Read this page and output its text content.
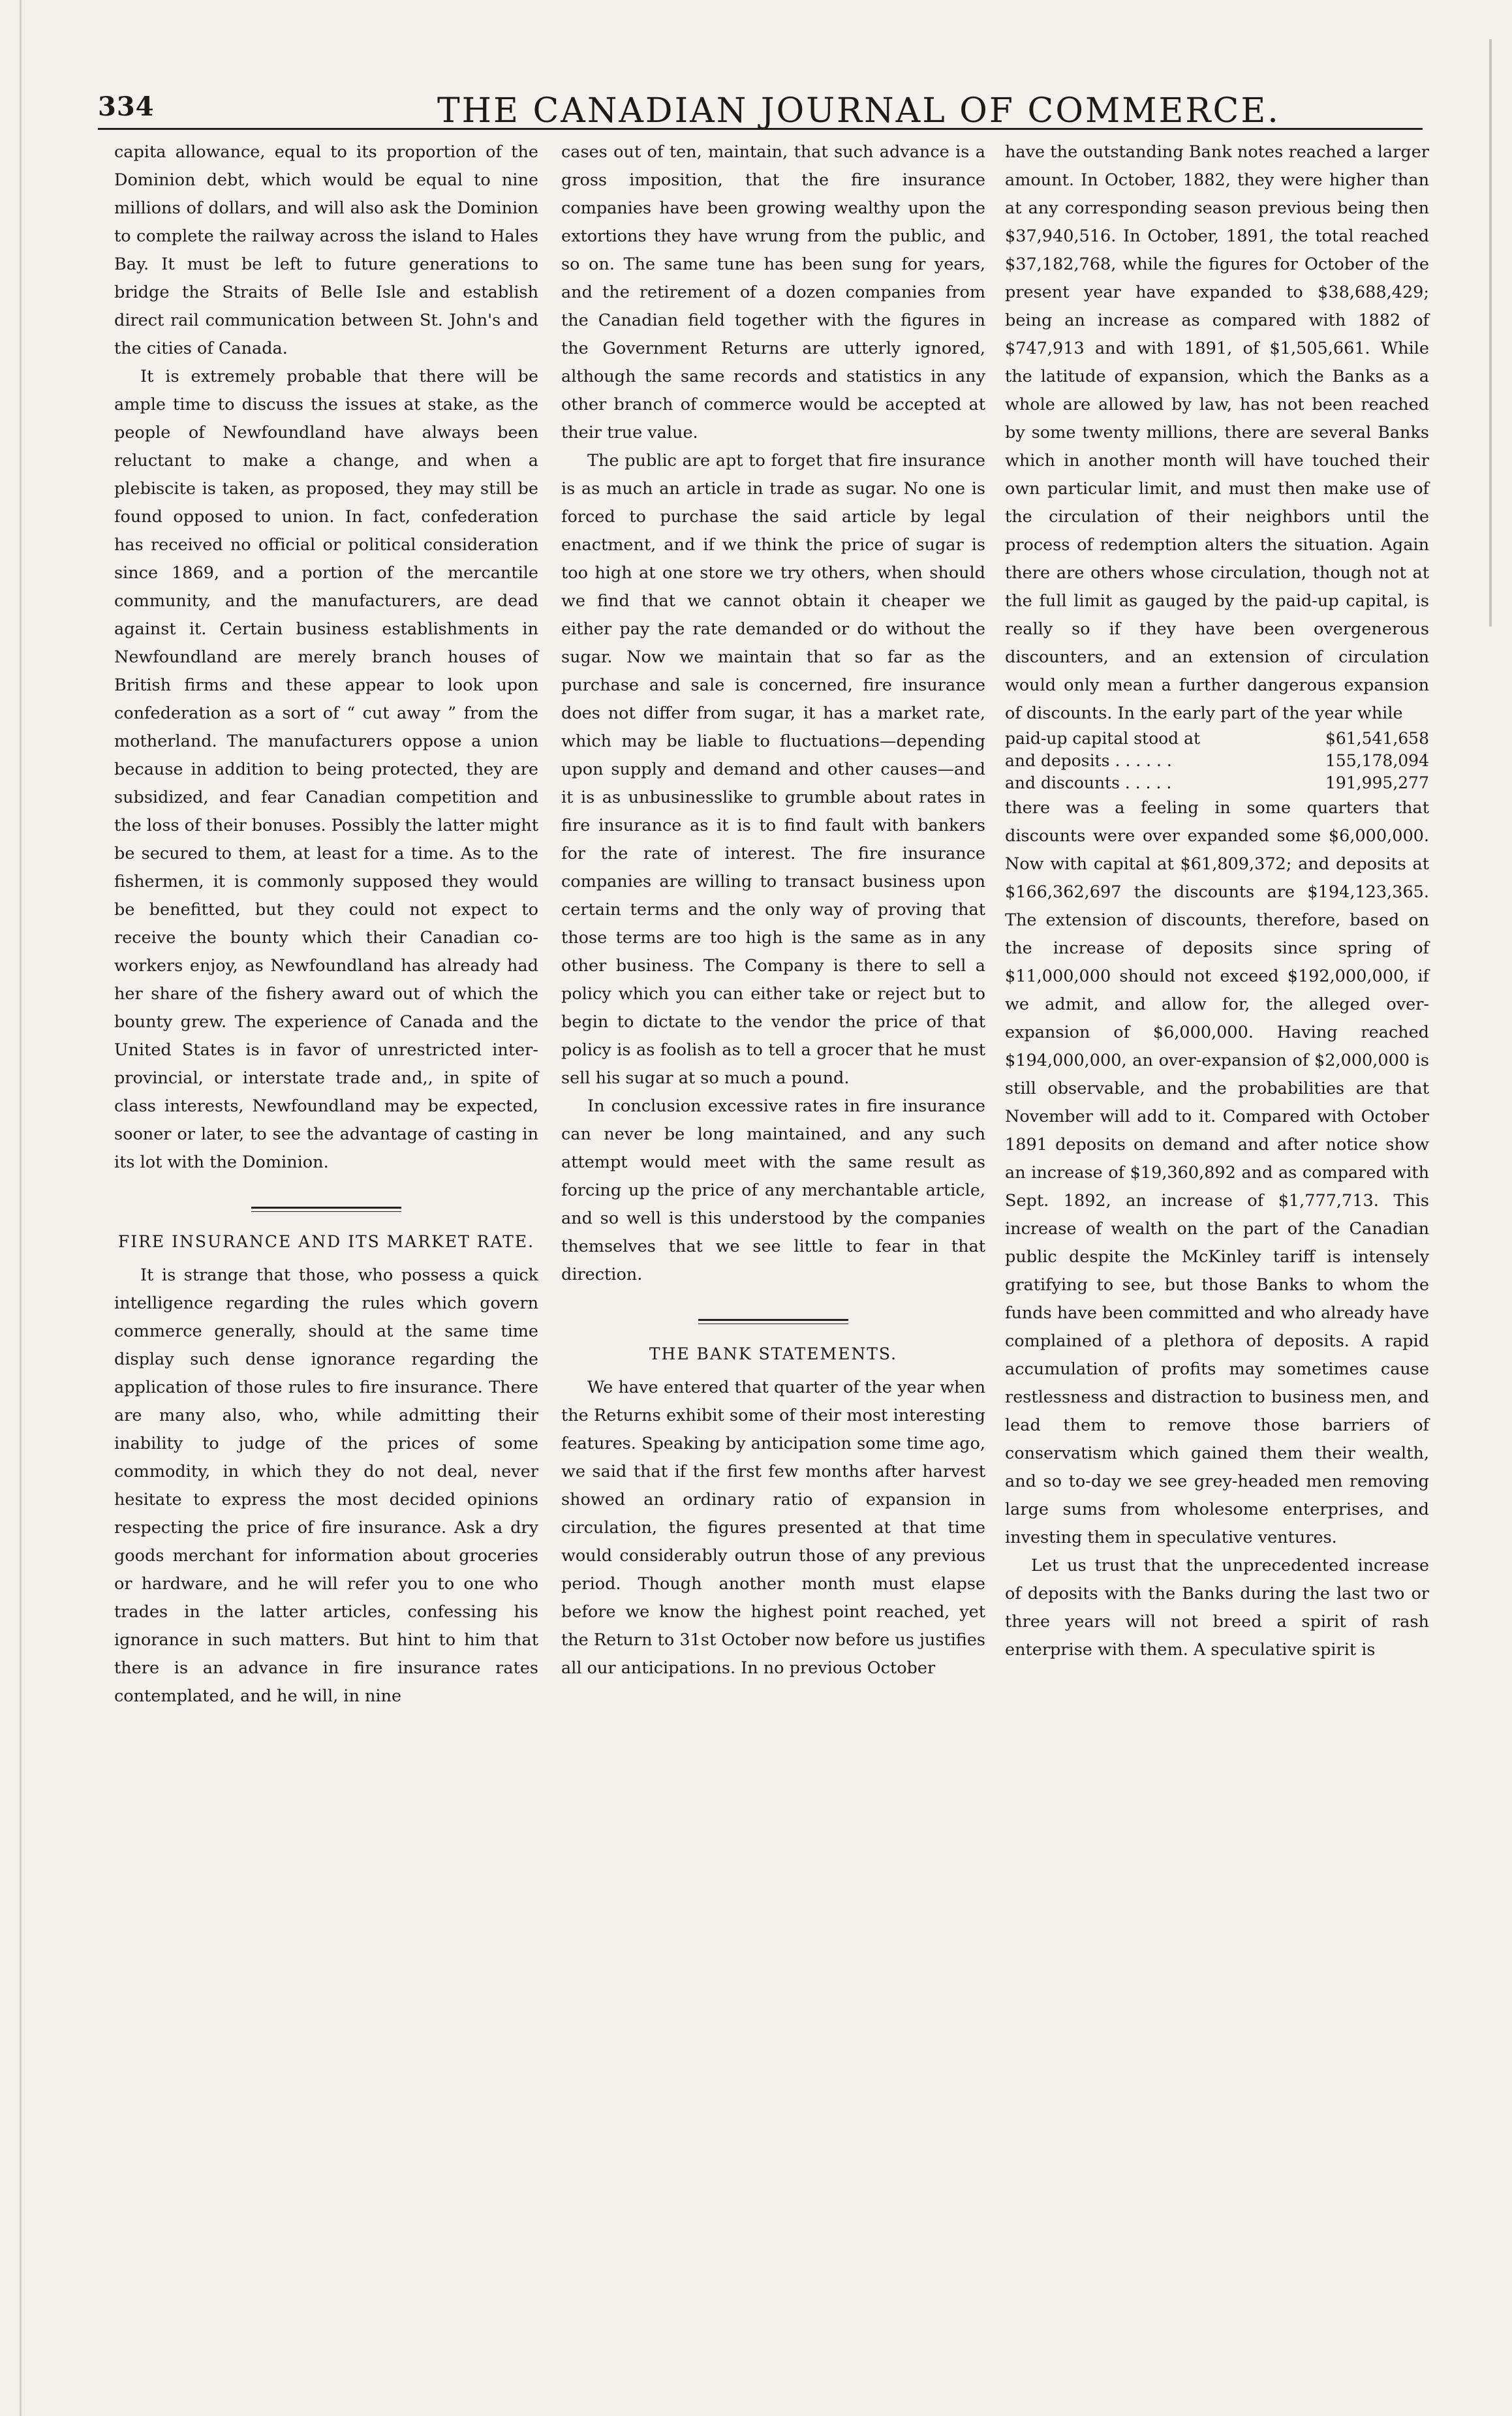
334	THE CANADIAN JOURNAL OF COMMERCE.

capita allowance, equal to its proportion of the Dominion debt, which would be equal to nine millions of dollars, and will also ask the Dominion to complete the railway across the island to Hales Bay. It must be left to future generations to bridge the Straits of Belle Isle and establish direct rail communication between St. John's and the cities of Canada.

It is extremely probable that there will be ample time to discuss the issues at stake, as the people of Newfoundland have always been reluctant to make a change, and when a plebiscite is taken, as proposed, they may still be found opposed to union. In fact, confederation has received no official or political consideration since 1869, and a portion of the mercantile community, and the manufacturers, are dead against it. Certain business establishments in Newfoundland are merely branch houses of British firms and these appear to look upon confederation as a sort of “ cut away ” from the motherland. The manufacturers oppose a union because in addition to being protected, they are subsidized, and fear Canadian competition and the loss of their bonuses. Possibly the latter might be secured to them, at least for a time. As to the fishermen, it is commonly supposed they would be benefitted, but they could not expect to receive the bounty which their Canadian co-workers enjoy, as Newfoundland has already had her share of the fishery award out of which the bounty grew. The experience of Canada and the United States is in favor of unrestricted inter-provincial, or interstate trade and,, in spite of class interests, Newfoundland may be expected, sooner or later, to see the advantage of casting in its lot with the Dominion.

FIRE INSURANCE AND ITS MARKET RATE.

It is strange that those, who possess a quick intelligence regarding the rules which govern commerce generally, should at the same time display such dense ignorance regarding the application of those rules to fire insurance. There are many also, who, while admitting their inability to judge of the prices of some commodity, in which they do not deal, never hesitate to express the most decided opinions respecting the price of fire insurance. Ask a dry goods merchant for information about groceries or hardware, and he will refer you to one who trades in the latter articles, confessing his ignorance in such matters. But hint to him that there is an advance in fire insurance rates contemplated, and he will, in nine

cases out of ten, maintain, that such advance is a gross imposition, that the fire insurance companies have been growing wealthy upon the extortions they have wrung from the public, and so on. The same tune has been sung for years, and the retirement of a dozen companies from the Canadian field together with the figures in the Government Returns are utterly ignored, although the same records and statistics in any other branch of commerce would be accepted at their true value.

The public are apt to forget that fire insurance is as much an article in trade as sugar. No one is forced to purchase the said article by legal enactment, and if we think the price of sugar is too high at one store we try others, when should we find that we cannot obtain it cheaper we either pay the rate demanded or do without the sugar. Now we maintain that so far as the purchase and sale is concerned, fire insurance does not differ from sugar, it has a market rate, which may be liable to fluctuations—depending upon supply and demand and other causes—and it is as unbusinesslike to grumble about rates in fire insurance as it is to find fault with bankers for the rate of interest. The fire insurance companies are willing to transact business upon certain terms and the only way of proving that those terms are too high is the same as in any other business. The Company is there to sell a policy which you can either take or reject but to begin to dictate to the vendor the price of that policy is as foolish as to tell a grocer that he must sell his sugar at so much a pound.

In conclusion excessive rates in fire insurance can never be long maintained, and any such attempt would meet with the same result as forcing up the price of any merchantable article, and so well is this understood by the companies themselves that we see little to fear in that direction.

THE BANK STATEMENTS.

We have entered that quarter of the year when the Returns exhibit some of their most interesting features. Speaking by anticipation some time ago, we said that if the first few months after harvest showed an ordinary ratio of expansion in circulation, the figures presented at that time would considerably outrun those of any previous period. Though another month must elapse before we know the highest point reached, yet the Return to 31st October now before us justifies all our anticipations. In no previous October

have the outstanding Bank notes reached a larger amount. In October, 1882, they were higher than at any corresponding season previous being then $37,940,516. In October, 1891, the total reached $37,182,768, while the figures for October of the present year have expanded to $38,688,429; being an increase as compared with 1882 of $747,913 and with 1891, of $1,505,661. While the latitude of expansion, which the Banks as a whole are allowed by law, has not been reached by some twenty millions, there are several Banks which in another month will have touched their own particular limit, and must then make use of the circulation of their neighbors until the process of redemption alters the situation. Again there are others whose circulation, though not at the full limit as gauged by the paid-up capital, is really so if they have been overgenerous discounters, and an extension of circulation would only mean a further dangerous expansion of discounts. In the early part of the year while

paid-up capital stood at	$61,541,658
and deposits . . . . . .	155,178,094
and discounts . . . . .	191,995,277

there was a feeling in some quarters that discounts were over expanded some $6,000,000. Now with capital at $61,809,372; and deposits at $166,362,697 the discounts are $194,123,365. The extension of discounts, therefore, based on the increase of deposits since spring of $11,000,000 should not exceed $192,000,000, if we admit, and allow for, the alleged over-expansion of $6,000,000. Having reached $194,000,000, an over-expansion of $2,000,000 is still observable, and the probabilities are that November will add to it. Compared with October 1891 deposits on demand and after notice show an increase of $19,360,892 and as compared with Sept. 1892, an increase of $1,777,713. This increase of wealth on the part of the Canadian public despite the McKinley tariff is intensely gratifying to see, but those Banks to whom the funds have been committed and who already have complained of a plethora of deposits. A rapid accumulation of profits may sometimes cause restlessness and distraction to business men, and lead them to remove those barriers of conservatism which gained them their wealth, and so to-day we see grey-headed men removing large sums from wholesome enterprises, and investing them in speculative ventures.

Let us trust that the unprecedented increase of deposits with the Banks during the last two or three years will not breed a spirit of rash enterprise with them. A speculative spirit is
